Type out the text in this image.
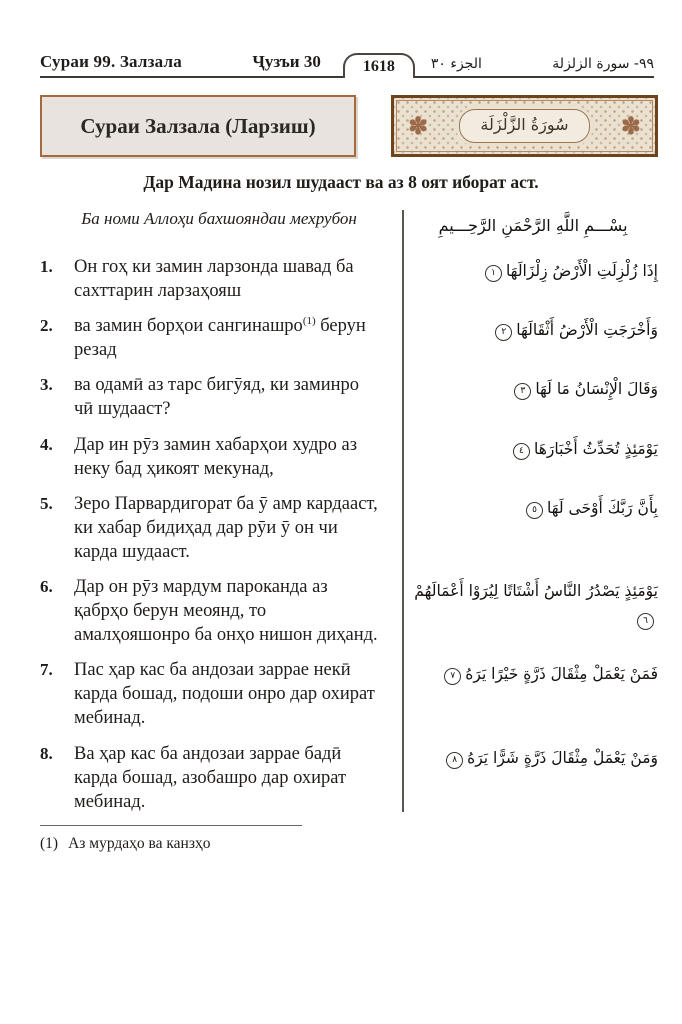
Сураи 99. Залзала	Ҷузъи 30	1618	الجزء ٣٠	٩٩- سورة الزلزلة
Сураи Залзала (Ларзиш)	✽	✽
سُورَةُ الزَّلْزَلَة
Дар Мадина нозил шудааст ва аз 8 оят иборат аст.
Ба номи Аллоҳи бахшояндаи мехрубон	بِسْـــمِ اللَّهِ الرَّحْمَنِ الرَّحِـــيمِ
1.	Он гоҳ ки замин ларзонда шавад ба сахттарин ларзаҳояш
إِذَا زُلْزِلَتِ الْأَرْضُ زِلْزَالَهَا١
2.	ва замин борҳои сангинашро$^{(1)}$ берун резад
وَأَخْرَجَتِ الْأَرْضُ أَثْقَالَهَا٢
3.	ва одамӣ аз тарс бигӯяд, ки заминро чӣ шудааст?
وَقَالَ الْإِنْسَانُ مَا لَهَا٣
4.	Дар ин рӯз замин хабарҳои худро аз неку бад ҳикоят мекунад,
يَوْمَئِذٍ تُحَدِّثُ أَخْبَارَهَا٤
5.	Зеро Парвардигорат ба ӯ амр кардааст, ки хабар бидиҳад дар рӯи ӯ он чи карда шудааст.
بِأَنَّ رَبَّكَ أَوْحَى لَهَا٥
6.	Дар он рӯз мардум пароканда аз қабрҳо берун меоянд, то амалҳояшонро ба онҳо нишон диҳанд.
يَوْمَئِذٍ يَصْدُرُ النَّاسُ أَشْتَاتًا لِيُرَوْا أَعْمَالَهُمْ٦
7.	Пас ҳар кас ба андозаи заррае некӣ карда бошад, подоши онро дар охират мебинад.
فَمَنْ يَعْمَلْ مِثْقَالَ ذَرَّةٍ خَيْرًا يَرَهُ٧
8.	Ва ҳар кас ба андозаи заррае бадӣ карда бошад, азобашро дар охират мебинад.
وَمَنْ يَعْمَلْ مِثْقَالَ ذَرَّةٍ شَرًّا يَرَهُ٨
(1) Аз мурдаҳо ва канзҳо
